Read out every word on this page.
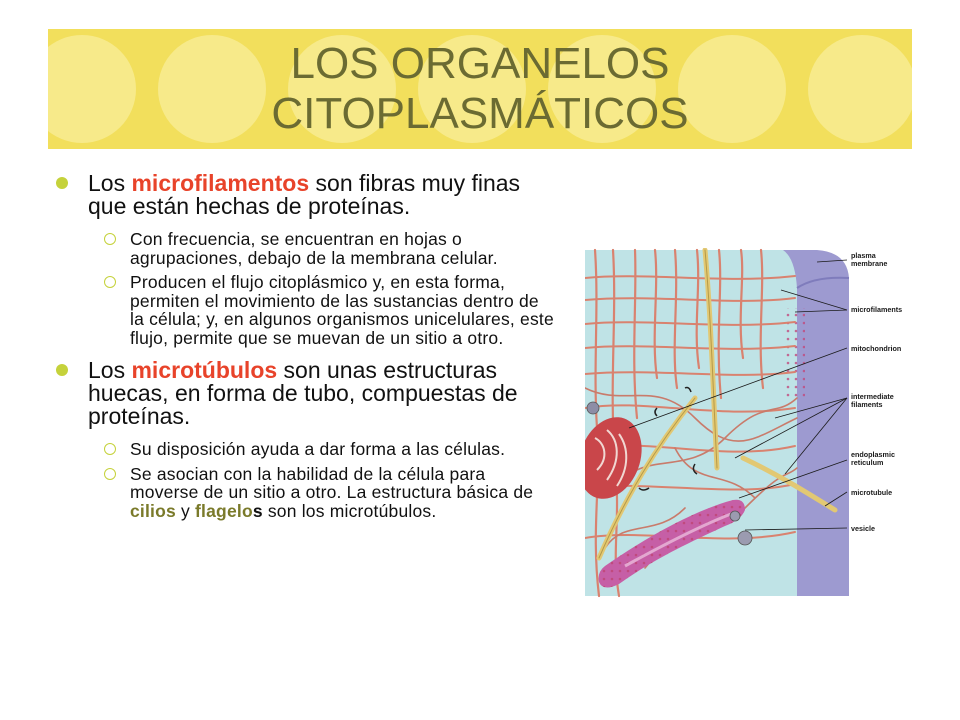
LOS ORGANELOS
CITOPLASMÁTICOS
Los microfilamentos son fibras muy finas que están hechas de proteínas.
Con frecuencia, se encuentran en hojas o agrupaciones, debajo de la membrana celular.
Producen el flujo citoplásmico y, en esta forma, permiten el movimiento de las sustancias dentro de la célula; y, en algunos organismos unicelulares, este flujo, permite que se muevan de un sitio a otro.
Los microtúbulos son unas estructuras huecas, en forma de tubo, compuestas de proteínas.
Su disposición ayuda a dar forma a las células.
Se asocian con la habilidad de la célula para moverse de un sitio a otro. La estructura básica de cilios y flagelos son los microtúbulos.
plasma
membrane
microfilaments
mitochondrion
intermediate
filaments
endoplasmic
reticulum
microtubule
vesicle
